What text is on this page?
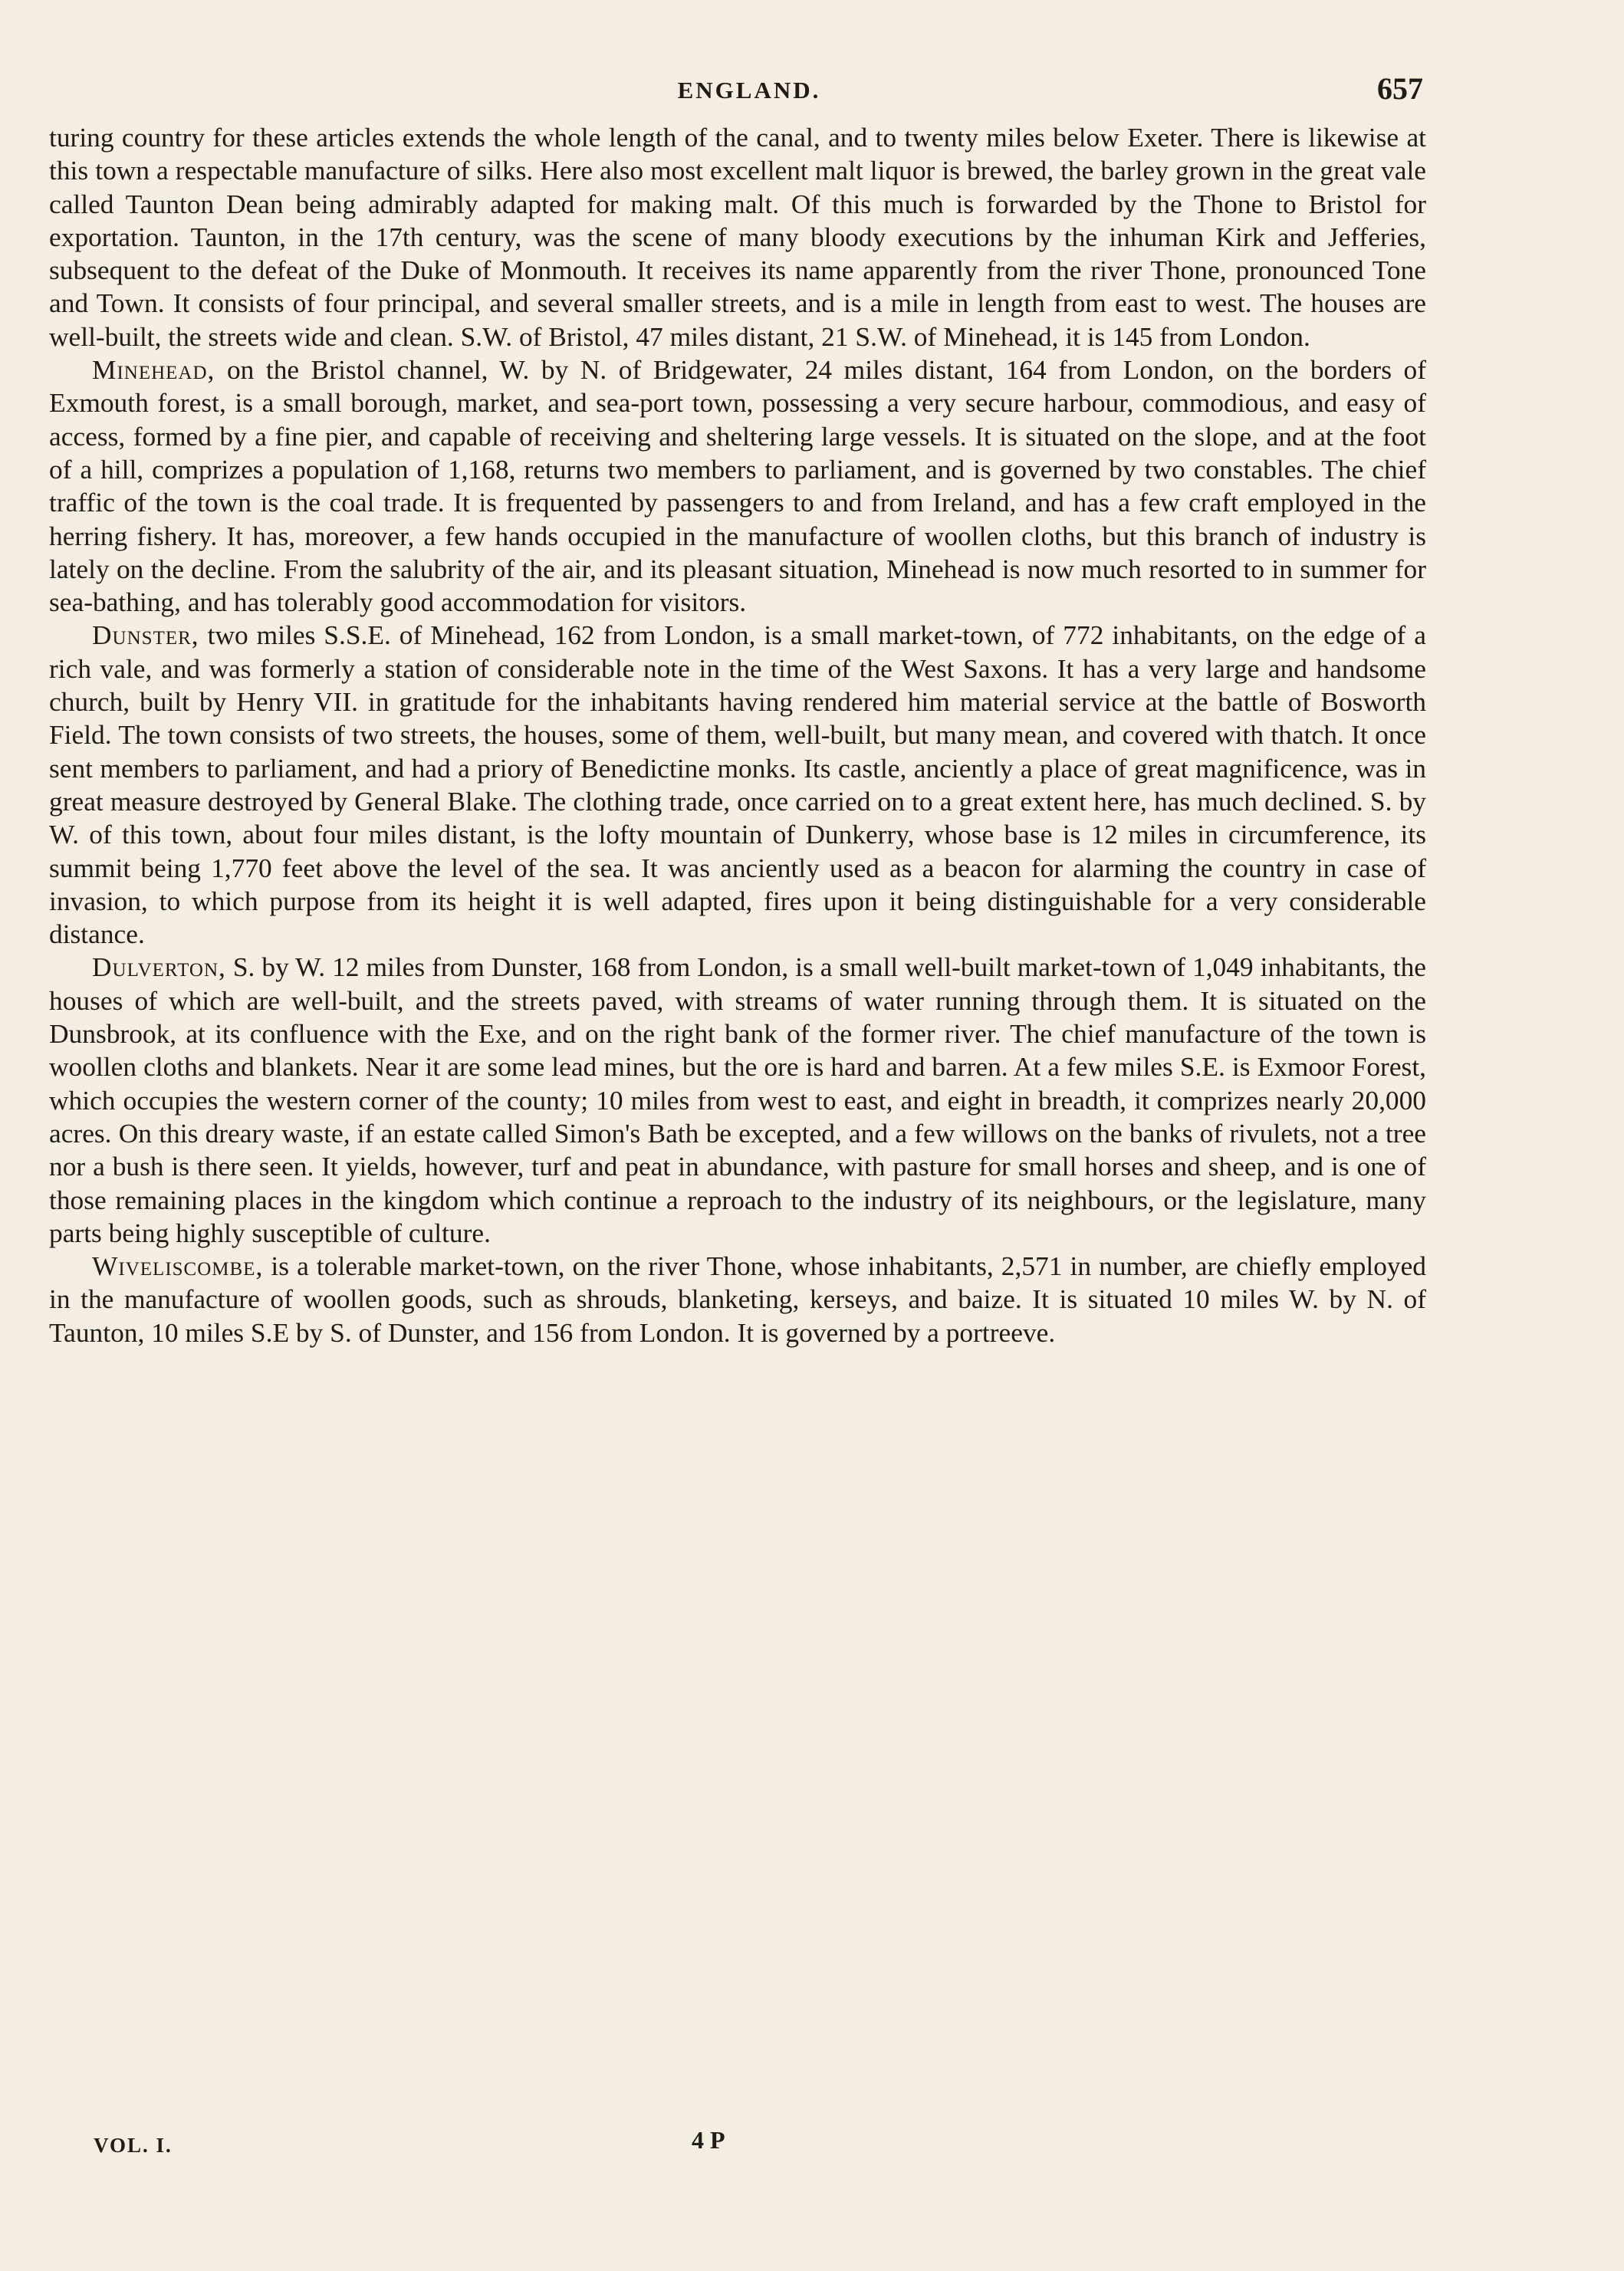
ENGLAND.	657

turing country for these articles extends the whole length of the canal, and to twenty miles below Exeter. There is likewise at this town a respectable manufacture of silks. Here also most excellent malt liquor is brewed, the barley grown in the great vale called Taunton Dean being admirably adapted for making malt. Of this much is forwarded by the Thone to Bristol for exportation. Taunton, in the 17th century, was the scene of many bloody executions by the inhuman Kirk and Jefferies, subsequent to the defeat of the Duke of Monmouth. It receives its name apparently from the river Thone, pronounced Tone and Town. It consists of four principal, and several smaller streets, and is a mile in length from east to west. The houses are well-built, the streets wide and clean. S.W. of Bristol, 47 miles distant, 21 S.W. of Minehead, it is 145 from London.

Minehead, on the Bristol channel, W. by N. of Bridgewater, 24 miles distant, 164 from London, on the borders of Exmouth forest, is a small borough, market, and sea-port town, possessing a very secure harbour, commodious, and easy of access, formed by a fine pier, and capable of receiving and sheltering large vessels. It is situated on the slope, and at the foot of a hill, comprizes a population of 1,168, returns two members to parliament, and is governed by two constables. The chief traffic of the town is the coal trade. It is frequented by passengers to and from Ireland, and has a few craft employed in the herring fishery. It has, moreover, a few hands occupied in the manufacture of woollen cloths, but this branch of industry is lately on the decline. From the salubrity of the air, and its pleasant situation, Minehead is now much resorted to in summer for sea-bathing, and has tolerably good accommodation for visitors.

Dunster, two miles S.S.E. of Minehead, 162 from London, is a small market-town, of 772 inhabitants, on the edge of a rich vale, and was formerly a station of considerable note in the time of the West Saxons. It has a very large and handsome church, built by Henry VII. in gratitude for the inhabitants having rendered him material service at the battle of Bosworth Field. The town consists of two streets, the houses, some of them, well-built, but many mean, and covered with thatch. It once sent members to parliament, and had a priory of Benedictine monks. Its castle, anciently a place of great magnificence, was in great measure destroyed by General Blake. The clothing trade, once carried on to a great extent here, has much declined. S. by W. of this town, about four miles distant, is the lofty mountain of Dunkerry, whose base is 12 miles in circumference, its summit being 1,770 feet above the level of the sea. It was anciently used as a beacon for alarming the country in case of invasion, to which purpose from its height it is well adapted, fires upon it being distinguishable for a very considerable distance.

Dulverton, S. by W. 12 miles from Dunster, 168 from London, is a small well-built market-town of 1,049 inhabitants, the houses of which are well-built, and the streets paved, with streams of water running through them. It is situated on the Dunsbrook, at its confluence with the Exe, and on the right bank of the former river. The chief manufacture of the town is woollen cloths and blankets. Near it are some lead mines, but the ore is hard and barren. At a few miles S.E. is Exmoor Forest, which occupies the western corner of the county; 10 miles from west to east, and eight in breadth, it comprizes nearly 20,000 acres. On this dreary waste, if an estate called Simon's Bath be excepted, and a few willows on the banks of rivulets, not a tree nor a bush is there seen. It yields, however, turf and peat in abundance, with pasture for small horses and sheep, and is one of those remaining places in the kingdom which continue a reproach to the industry of its neighbours, or the legislature, many parts being highly susceptible of culture.

Wiveliscombe, is a tolerable market-town, on the river Thone, whose inhabitants, 2,571 in number, are chiefly employed in the manufacture of woollen goods, such as shrouds, blanketing, kerseys, and baize. It is situated 10 miles W. by N. of Taunton, 10 miles S.E by S. of Dunster, and 156 from London. It is governed by a portreeve.

VOL. I.	4 P
